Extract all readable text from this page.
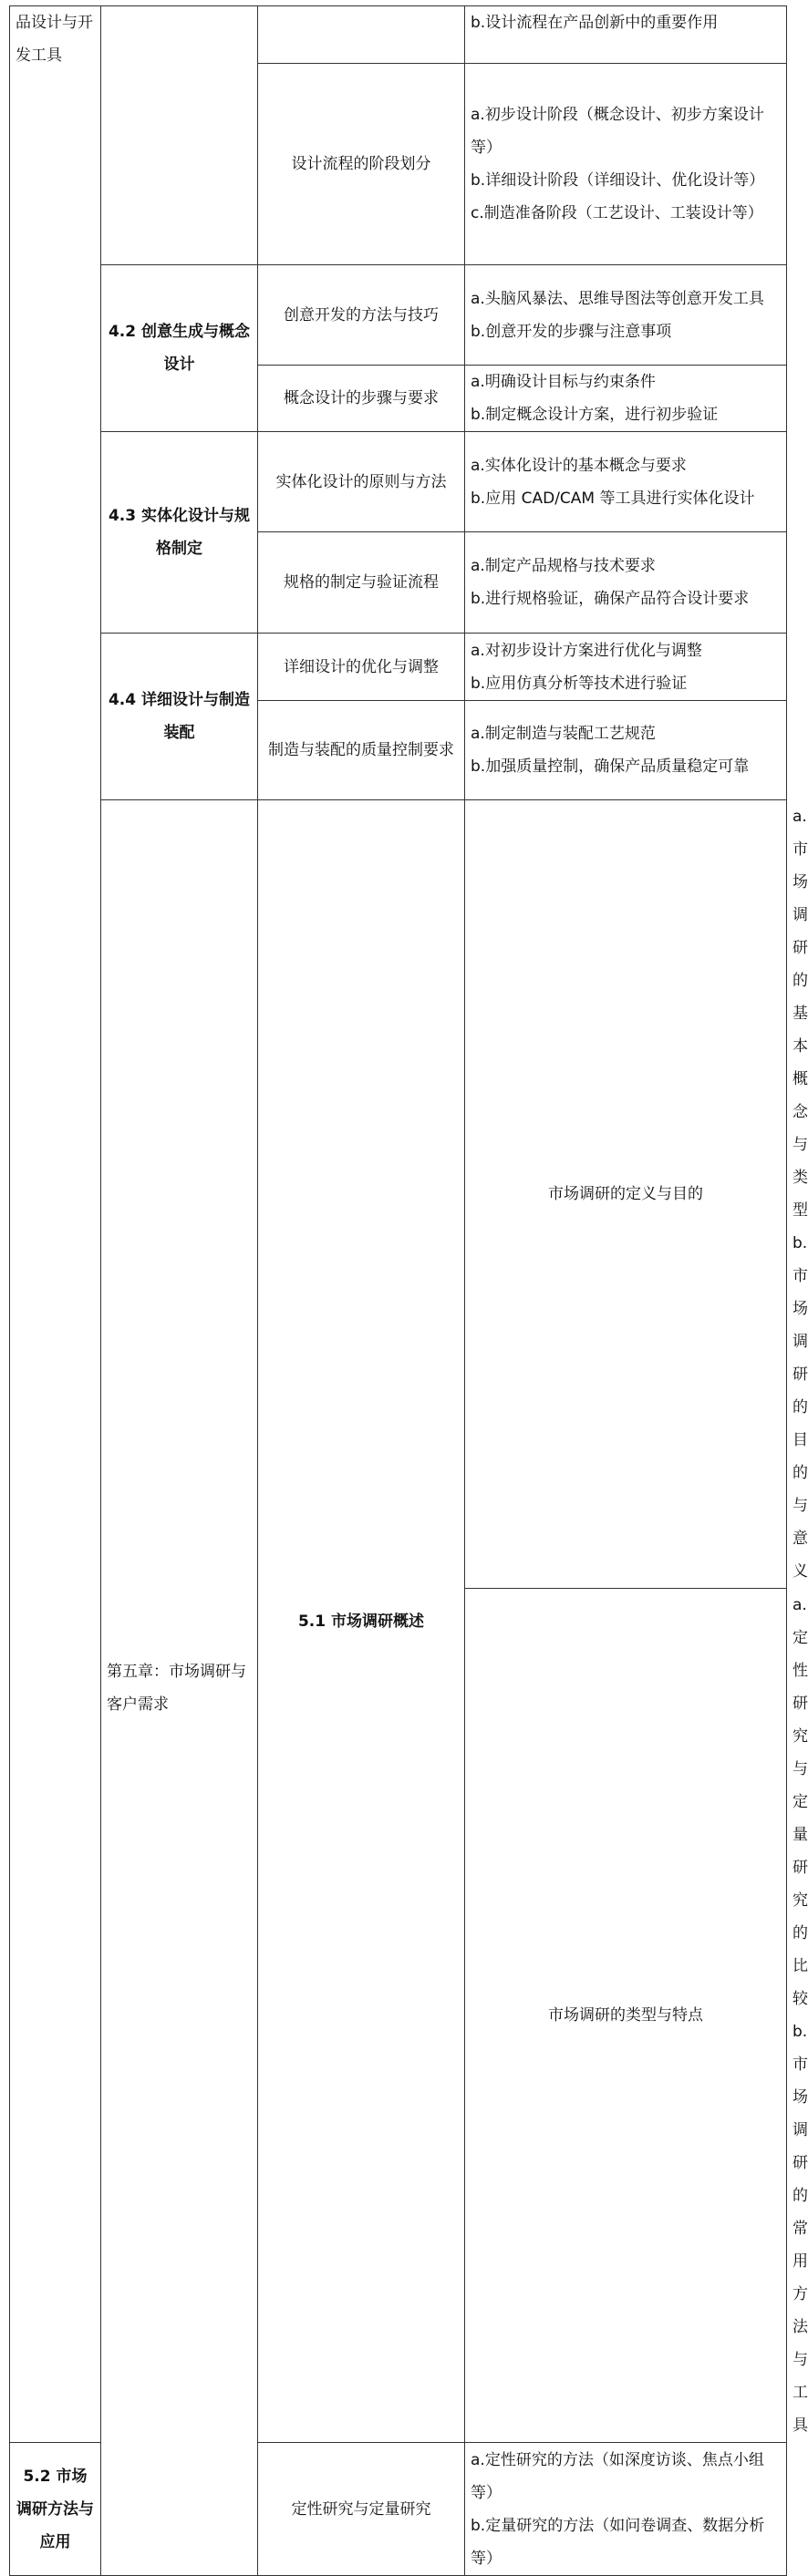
品设计与开发工具			b.设计流程在产品创新中的重要作用	

		设计流程的阶段划分	a.初步设计阶段（概念设计、初步方案设计等）
b.详细设计阶段（详细设计、优化设计等）
c.制造准备阶段（工艺设计、工装设计等）	

	4.2 创意生成与概念设计	创意开发的方法与技巧	a.头脑风暴法、思维导图法等创意开发工具
b.创意开发的步骤与注意事项	

		概念设计的步骤与要求	a.明确设计目标与约束条件
b.制定概念设计方案，进行初步验证	

	4.3 实体化设计与规格制定	实体化设计的原则与方法	a.实体化设计的基本概念与要求
b.应用 CAD/CAM 等工具进行实体化设计	

		规格的制定与验证流程	a.制定产品规格与技术要求
b.进行规格验证，确保产品符合设计要求	

	4.4 详细设计与制造装配	详细设计的优化与调整	a.对初步设计方案进行优化与调整
b.应用仿真分析等技术进行验证	

		制造与装配的质量控制要求	a.制定制造与装配工艺规范
b.加强质量控制，确保产品质量稳定可靠	

	第五章：市场调研与客户需求	5.1 市场调研概述	市场调研的定义与目的	a.市场调研的基本概念与类型
b.市场调研的目的与意义

			市场调研的类型与特点	a.定性研究与定量研究的比较
b.市场调研的常用方法与工具

5.2 市场调研方法与应用		定性研究与定量研究	a.定性研究的方法（如深度访谈、焦点小组等）
b.定量研究的方法（如问卷调查、数据分析等）	
